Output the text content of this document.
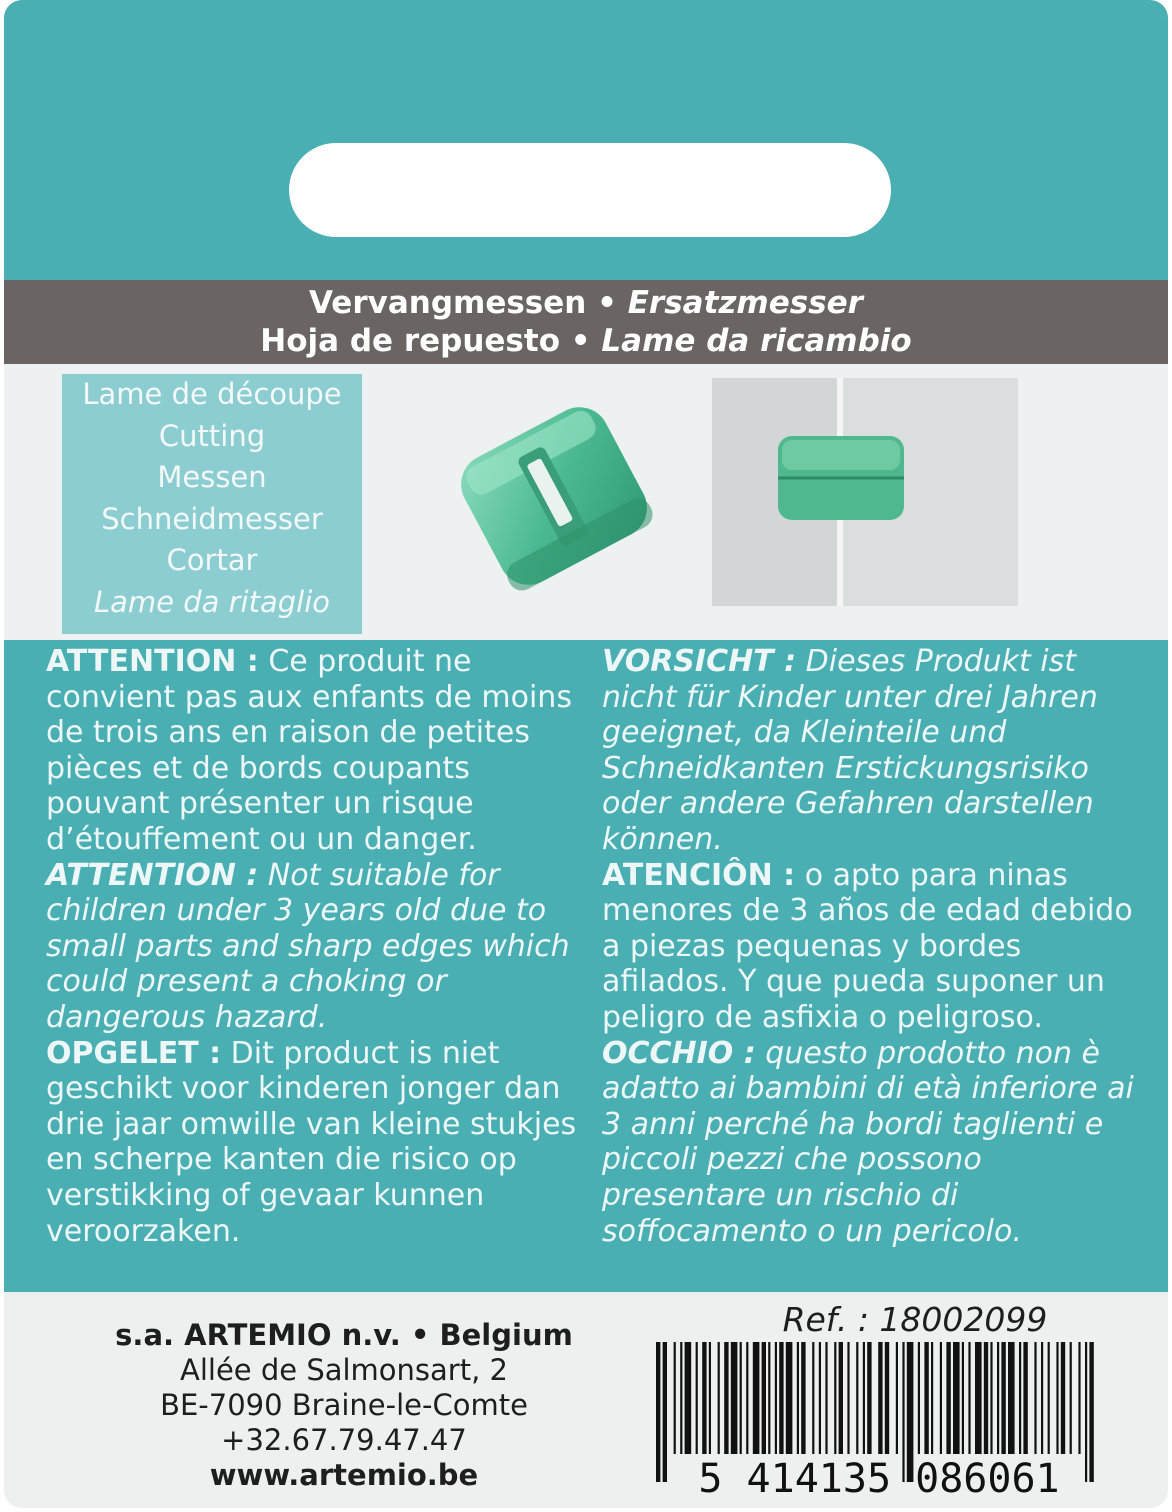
Vervangmessen • Ersatzmesser
Hoja de repuesto • Lame da ricambio
Lame de découpe
Cutting
Messen
Schneidmesser
Cortar
Lame da ritaglio

ATTENTION : Ce produit ne convient pas aux enfants de moins de trois ans en raison de petites pièces et de bords coupants pouvant présenter un risque d’étouffement ou un danger.

ATTENTION : Not suitable for children under 3 years old due to small parts and sharp edges which could present a choking or dangerous hazard.

OPGELET : Dit product is niet geschikt voor kinderen jonger dan drie jaar omwille van kleine stukjes en scherpe kanten die risico op verstikking of gevaar kunnen veroorzaken.

VORSICHT : Dieses Produkt ist nicht für Kinder unter drei Jahren geeignet, da Kleinteile und Schneidkanten Erstickungsrisiko oder andere Gefahren darstellen können.

ATENCIÔN : o apto para ninas menores de 3 años de edad debido a piezas pequenas y bordes afilados. Y que pueda suponer un peligro de asfixia o peligroso.

OCCHIO : questo prodotto non è adatto ai bambini di età inferiore ai 3 anni perché ha bordi taglienti e piccoli pezzi che possono presentare un rischio di soffocamento o un pericolo.

s.a. ARTEMIO n.v. • Belgium
Allée de Salmonsart, 2
BE-7090 Braine-le-Comte
+32.67.79.47.47
www.artemio.be
Ref. : 18002099
5 414135 086061
